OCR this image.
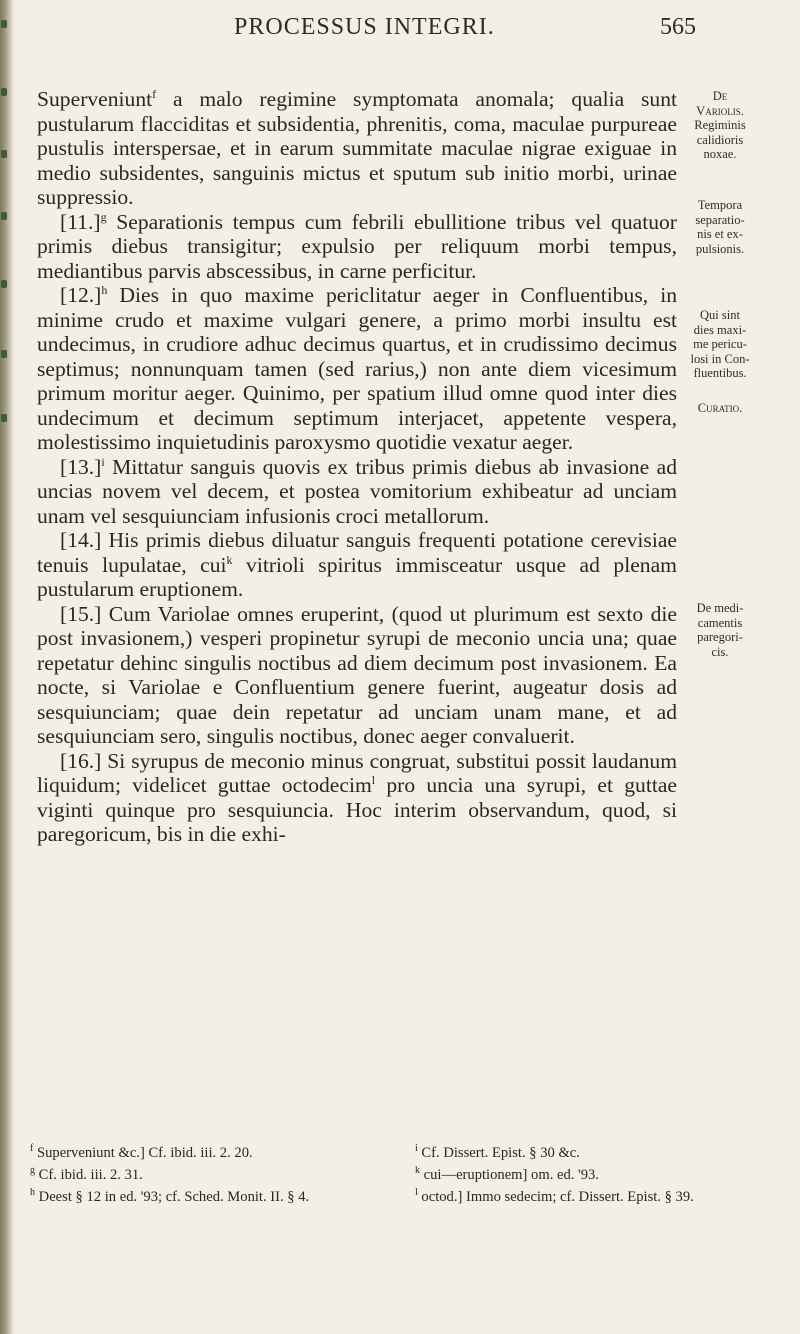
PROCESSUS INTEGRI.	565

Superveniunt$^f$ a malo regimine symptomata anomala; qualia sunt pustularum flacciditas et subsidentia, phrenitis, coma, maculae purpureae pustulis interspersae, et in earum summitate maculae nigrae exiguae in medio subsidentes, sanguinis mictus et sputum sub initio morbi, urinae suppressio.

$[11.]^g$ Separationis tempus cum febrili ebullitione tribus vel quatuor primis diebus transigitur; expulsio per reliquum morbi tempus, mediantibus parvis abscessibus, in carne perficitur.

$[12.]^h$ Dies in quo maxime periclitatur aeger in Confluentibus, in minime crudo et maxime vulgari genere, a primo morbi insultu est undecimus, in crudiore adhuc decimus quartus, et in crudissimo decimus septimus; nonnunquam tamen (sed rarius,) non ante diem vicesimum primum moritur aeger. Quinimo, per spatium illud omne quod inter dies undecimum et decimum septimum interjacet, appetente vespera, molestissimo inquietudinis paroxysmo quotidie vexatur aeger.

$[13.]^i$ Mittatur sanguis quovis ex tribus primis diebus ab invasione ad uncias novem vel decem, et postea vomitorium exhibeatur ad unciam unam vel sesquiunciam infusionis croci metallorum.

[14.] His primis diebus diluatur sanguis frequenti potatione cerevisiae tenuis lupulatae, cui$^k$ vitrioli spiritus immisceatur usque ad plenam pustularum eruptionem.

[15.] Cum Variolae omnes eruperint, (quod ut plurimum est sexto die post invasionem,) vesperi propinetur syrupi de meconio uncia una; quae repetatur dehinc singulis noctibus ad diem decimum post invasionem. Ea nocte, si Variolae e Confluentium genere fuerint, augeatur dosis ad sesquiunciam; quae dein repetatur ad unciam unam mane, et ad sesquiunciam sero, singulis noctibus, donec aeger convaluerit.

[16.] Si syrupus de meconio minus congruat, substitui possit laudanum liquidum; videlicet guttae octodecim$^l$ pro uncia una syrupi, et guttae viginti quinque pro sesquiuncia. Hoc interim observandum, quod, si paregoricum, bis in die exhi-

De
Variolis.
Regiminis
calidioris
noxae.
Tempora
separatio-
nis et ex-
pulsionis.
Qui sint
dies maxi-
me pericu-
losi in Con-
fluentibus.
Curatio.
De medi-
camentis
paregori-
cis.

$^f$ Superveniunt &c.] Cf. ibid. iii. 2. 20.

$^g$ Cf. ibid. iii. 2. 31.

$^h$ Deest § 12 in ed. '93; cf. Sched. Monit. II. § 4.

$^i$ Cf. Dissert. Epist. § 30 &c.

$^k$ cui—eruptionem] om. ed. '93.

$^l$ octod.] Immo sedecim; cf. Dissert. Epist. § 39.
